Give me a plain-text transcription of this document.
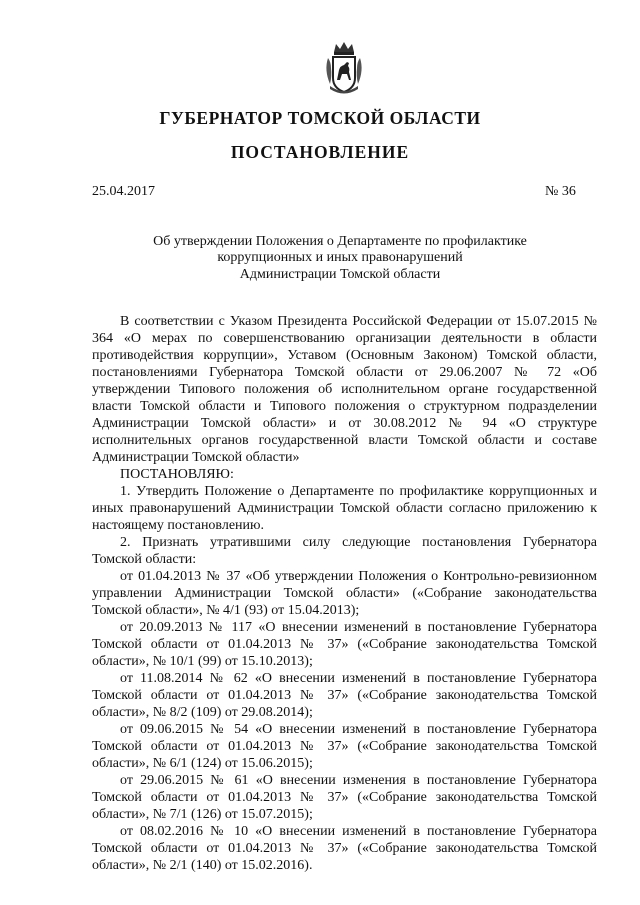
ГУБЕРНАТОР ТОМСКОЙ ОБЛАСТИ
ПОСТАНОВЛЕНИЕ
25.04.2017	№ 36
Об утверждении Положения о Департаменте по профилактике
коррупционных и иных правонарушений
Администрации Томской области

В соответствии с Указом Президента Российской Федерации от 15.07.2015 № 364 «О мерах по совершенствованию организации деятельности в области противодействия коррупции», Уставом (Основным Законом) Томской области, постановлениями Губернатора Томской области от 29.06.2007 № 72 «Об утверждении Типового положения об исполнительном органе государственной власти Томской области и Типового положения о структурном подразделении Администрации Томской области» и от 30.08.2012 № 94 «О структуре исполнительных органов государственной власти Томской области и составе Администрации Томской области»

ПОСТАНОВЛЯЮ:

1. Утвердить Положение о Департаменте по профилактике коррупционных и иных правонарушений Администрации Томской области согласно приложению к настоящему постановлению.

2. Признать утратившими силу следующие постановления Губернатора Томской области:

от 01.04.2013 № 37 «Об утверждении Положения о Контрольно-ревизионном управлении Администрации Томской области» («Собрание законодательства Томской области», № 4/1 (93) от 15.04.2013);

от 20.09.2013 № 117 «О внесении изменений в постановление Губернатора Томской области от 01.04.2013 № 37» («Собрание законодательства Томской области», № 10/1 (99) от 15.10.2013);

от 11.08.2014 № 62 «О внесении изменений в постановление Губернатора Томской области от 01.04.2013 № 37» («Собрание законодательства Томской области», № 8/2 (109) от 29.08.2014);

от 09.06.2015 № 54 «О внесении изменений в постановление Губернатора Томской области от 01.04.2013 № 37» («Собрание законодательства Томской области», № 6/1 (124) от 15.06.2015);

от 29.06.2015 № 61 «О внесении изменения в постановление Губернатора Томской области от 01.04.2013 № 37» («Собрание законодательства Томской области», № 7/1 (126) от 15.07.2015);

от 08.02.2016 № 10 «О внесении изменений в постановление Губернатора Томской области от 01.04.2013 № 37» («Собрание законодательства Томской области», № 2/1 (140) от 15.02.2016).
